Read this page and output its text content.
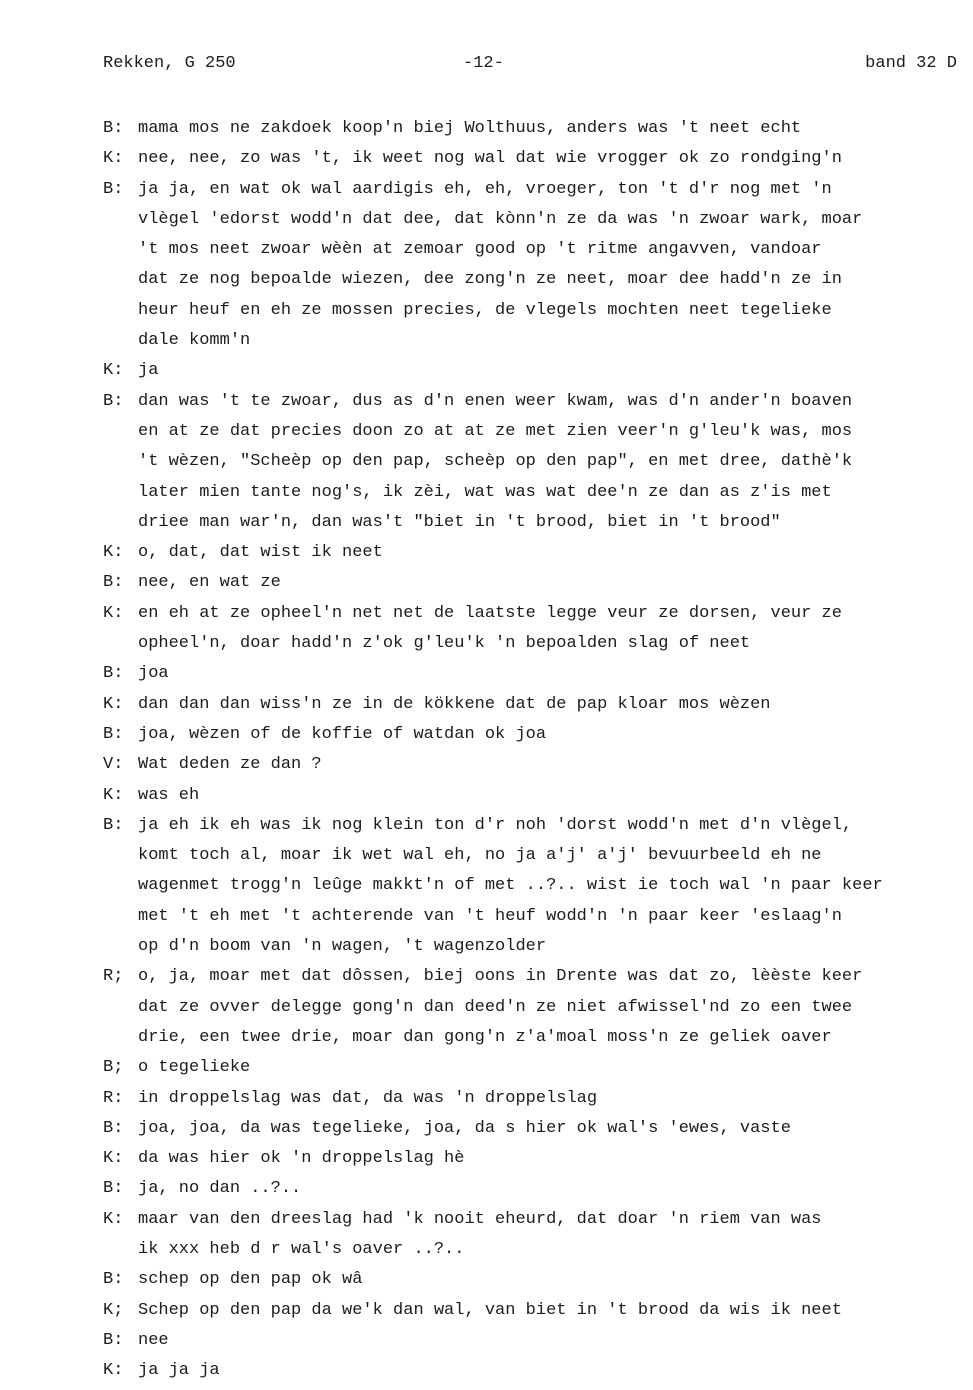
Rekken, G 250	-12-	band 32 D
B: mama mos ne zakdoek koop'n biej Wolthuus, anders was 't neet echt
K: nee, nee, zo was 't, ik weet nog wal dat wie vrogger ok zo rondging'n
B: ja ja, en wat ok wal aardigis eh, eh, vroeger, ton 't d'r nog met 'n
vlègel 'edorst wodd'n dat dee, dat kònn'n ze da was 'n zwoar wark, moar
't mos neet zwoar wèèn at zemoar good op 't ritme angavven, vandoar
dat ze nog bepoalde wiezen, dee zong'n ze neet, moar dee hadd'n ze in
heur heuf en eh ze mossen precies, de vlegels mochten neet tegelieke
dale komm'n
K: ja
B: dan was 't te zwoar, dus as d'n enen weer kwam, was d'n ander'n boaven
en at ze dat precies doon zo at at ze met zien veer'n g'leu'k was, mos
't wèzen, "Scheèp op den pap, scheèp op den pap", en met dree, dathè'k
later mien tante nog's, ik zèi, wat was wat dee'n ze dan as z'is met
driee man war'n, dan was't "biet in 't brood, biet in 't brood"
K: o, dat, dat wist ik neet
B: nee, en wat ze
K: en eh at ze opheel'n net net de laatste legge veur ze dorsen, veur ze
opheel'n, doar hadd'n z'ok g'leu'k 'n bepoalden slag of neet
B: joa
K: dan dan dan wiss'n ze in de kökkene dat de pap kloar mos wèzen
B: joa, wèzen of de koffie of watdan ok joa
V: Wat deden ze dan ?
K: was eh
B: ja eh ik eh was ik nog klein ton d'r noh 'dorst wodd'n met d'n vlègel,
komt toch al, moar ik wet wal eh, no ja a'j' a'j' bevuurbeeld eh ne
wagenmet trogg'n leûge makkt'n of met ..?.. wist ie toch wal 'n paar keer
met 't eh met 't achterende van 't heuf wodd'n 'n paar keer 'eslaag'n
op d'n boom van 'n wagen, 't wagenzolder
R; o, ja, moar met dat dôssen, biej oons in Drente was dat zo, lèèste keer
dat ze ovver delegge gong'n dan deed'n ze niet afwissel'nd zo een twee
drie, een twee drie, moar dan gong'n z'a'moal moss'n ze geliek oaver
B; o tegelieke
R: in droppelslag was dat, da was 'n droppelslag
B: joa, joa, da was tegelieke, joa, da s hier ok wal's 'ewes, vaste
K: da was hier ok 'n droppelslag hè
B: ja, no dan ..?..
K: maar van den dreeslag had 'k nooit eheurd, dat doar 'n riem van was
ik xxx heb d r wal's oaver ..?..
B: schep op den pap ok wâ
K; Schep op den pap da we'k dan wal, van biet in 't brood da wis ik neet
B: nee
K: ja ja ja
